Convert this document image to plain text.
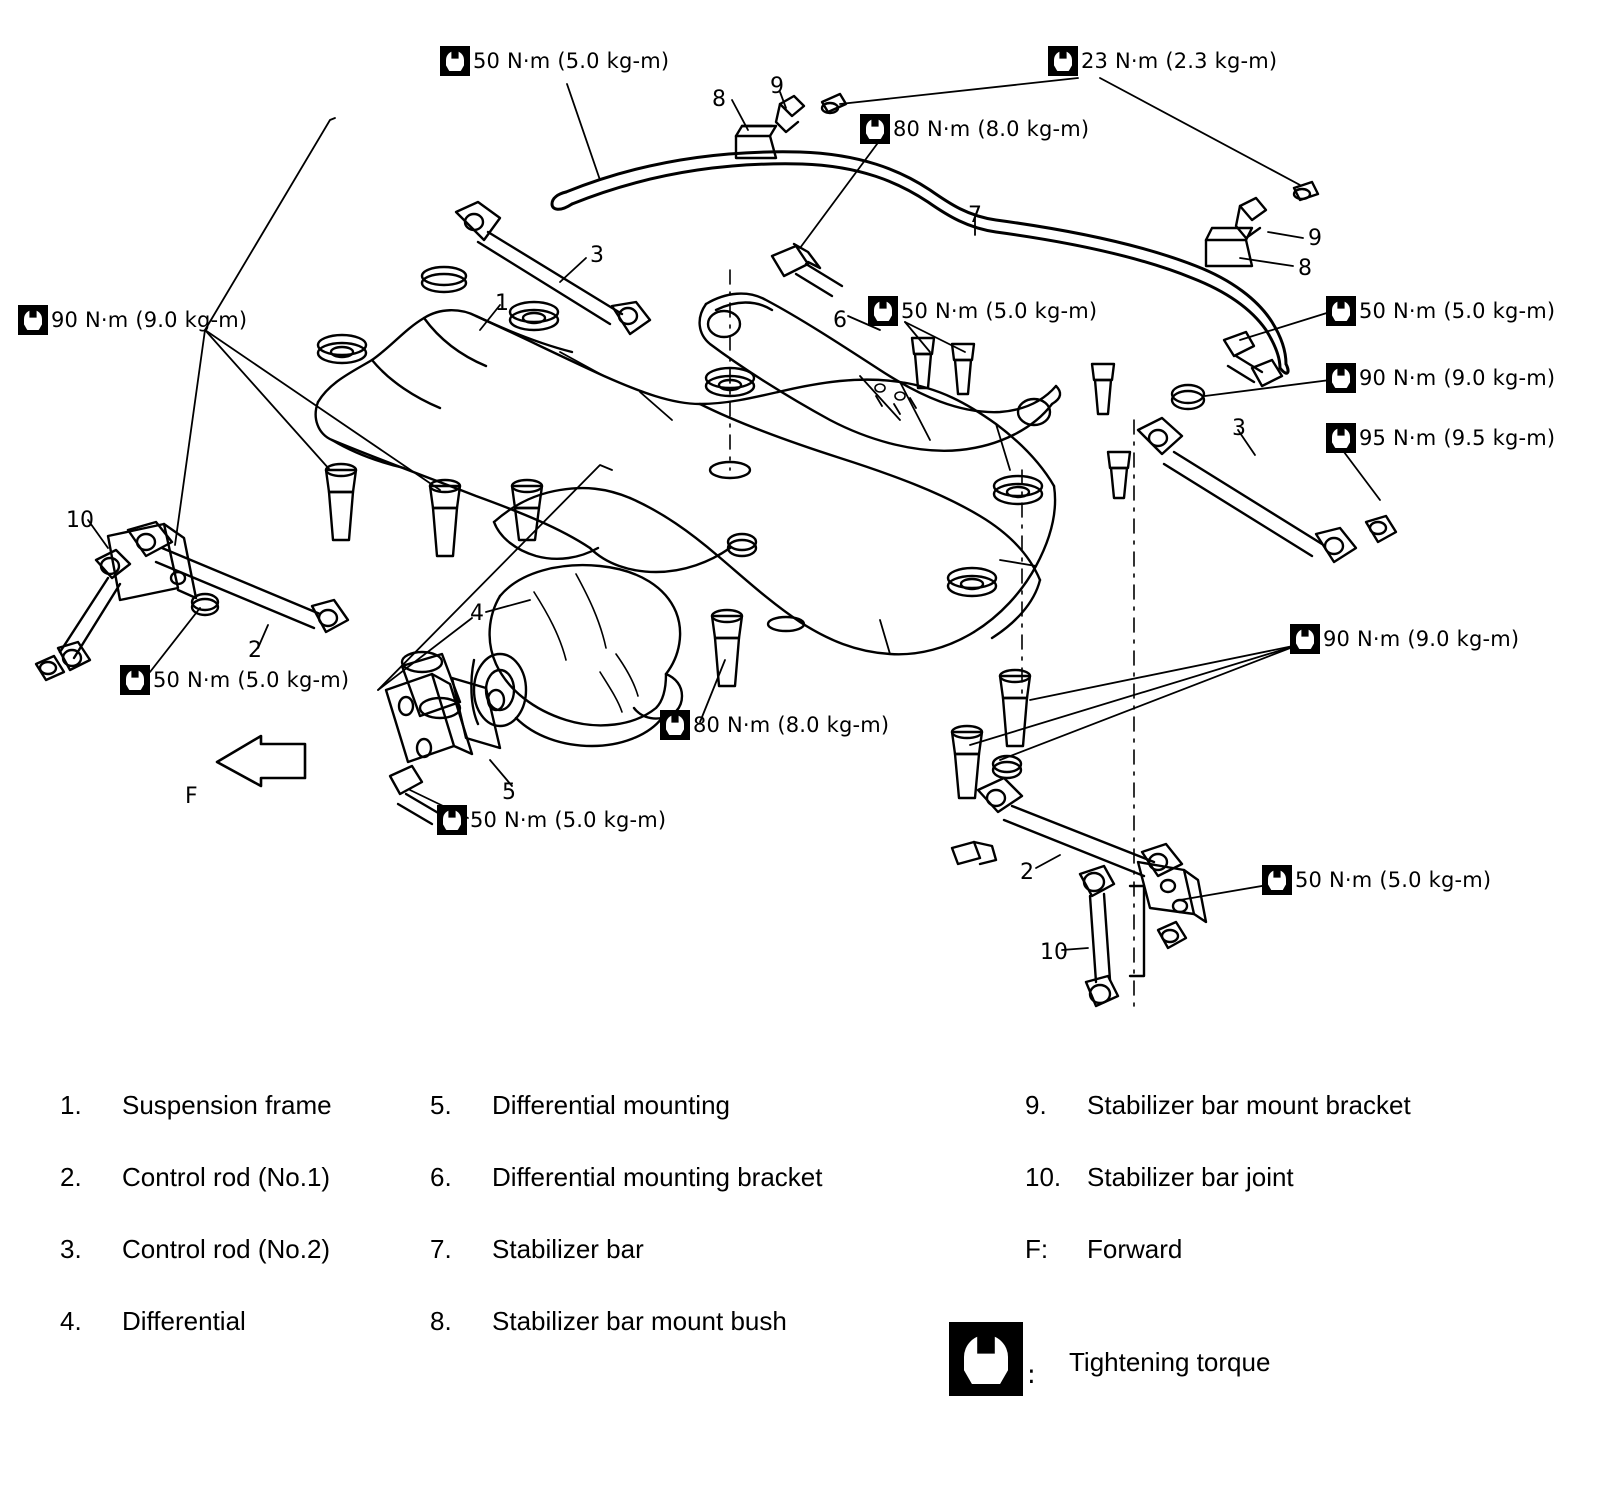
50 N·m (5.0 kg-m)	23 N·m (2.3 kg-m)
80 N·m (8.0 kg-m)
90 N·m (9.0 kg-m)	50 N·m (5.0 kg-m)	50 N·m (5.0 kg-m)
90 N·m (9.0 kg-m)
95 N·m (9.5 kg-m)
90 N·m (9.0 kg-m)
50 N·m (5.0 kg-m)
80 N·m (8.0 kg-m)
50 N·m (5.0 kg-m)
50 N·m (5.0 kg-m)
1
3
9
8
7
9
8
6
3
10
2
4
5
2
10
F
1.	Suspension frame
2.	Control rod (No.1)
3.	Control rod (No.2)
4.	Differential
5.	Differential mounting
6.	Differential mounting bracket
7.	Stabilizer bar
8.	Stabilizer bar mount bush
9.	Stabilizer bar mount bracket
10. Stabilizer bar joint
F:	Forward
: Tightening torque
